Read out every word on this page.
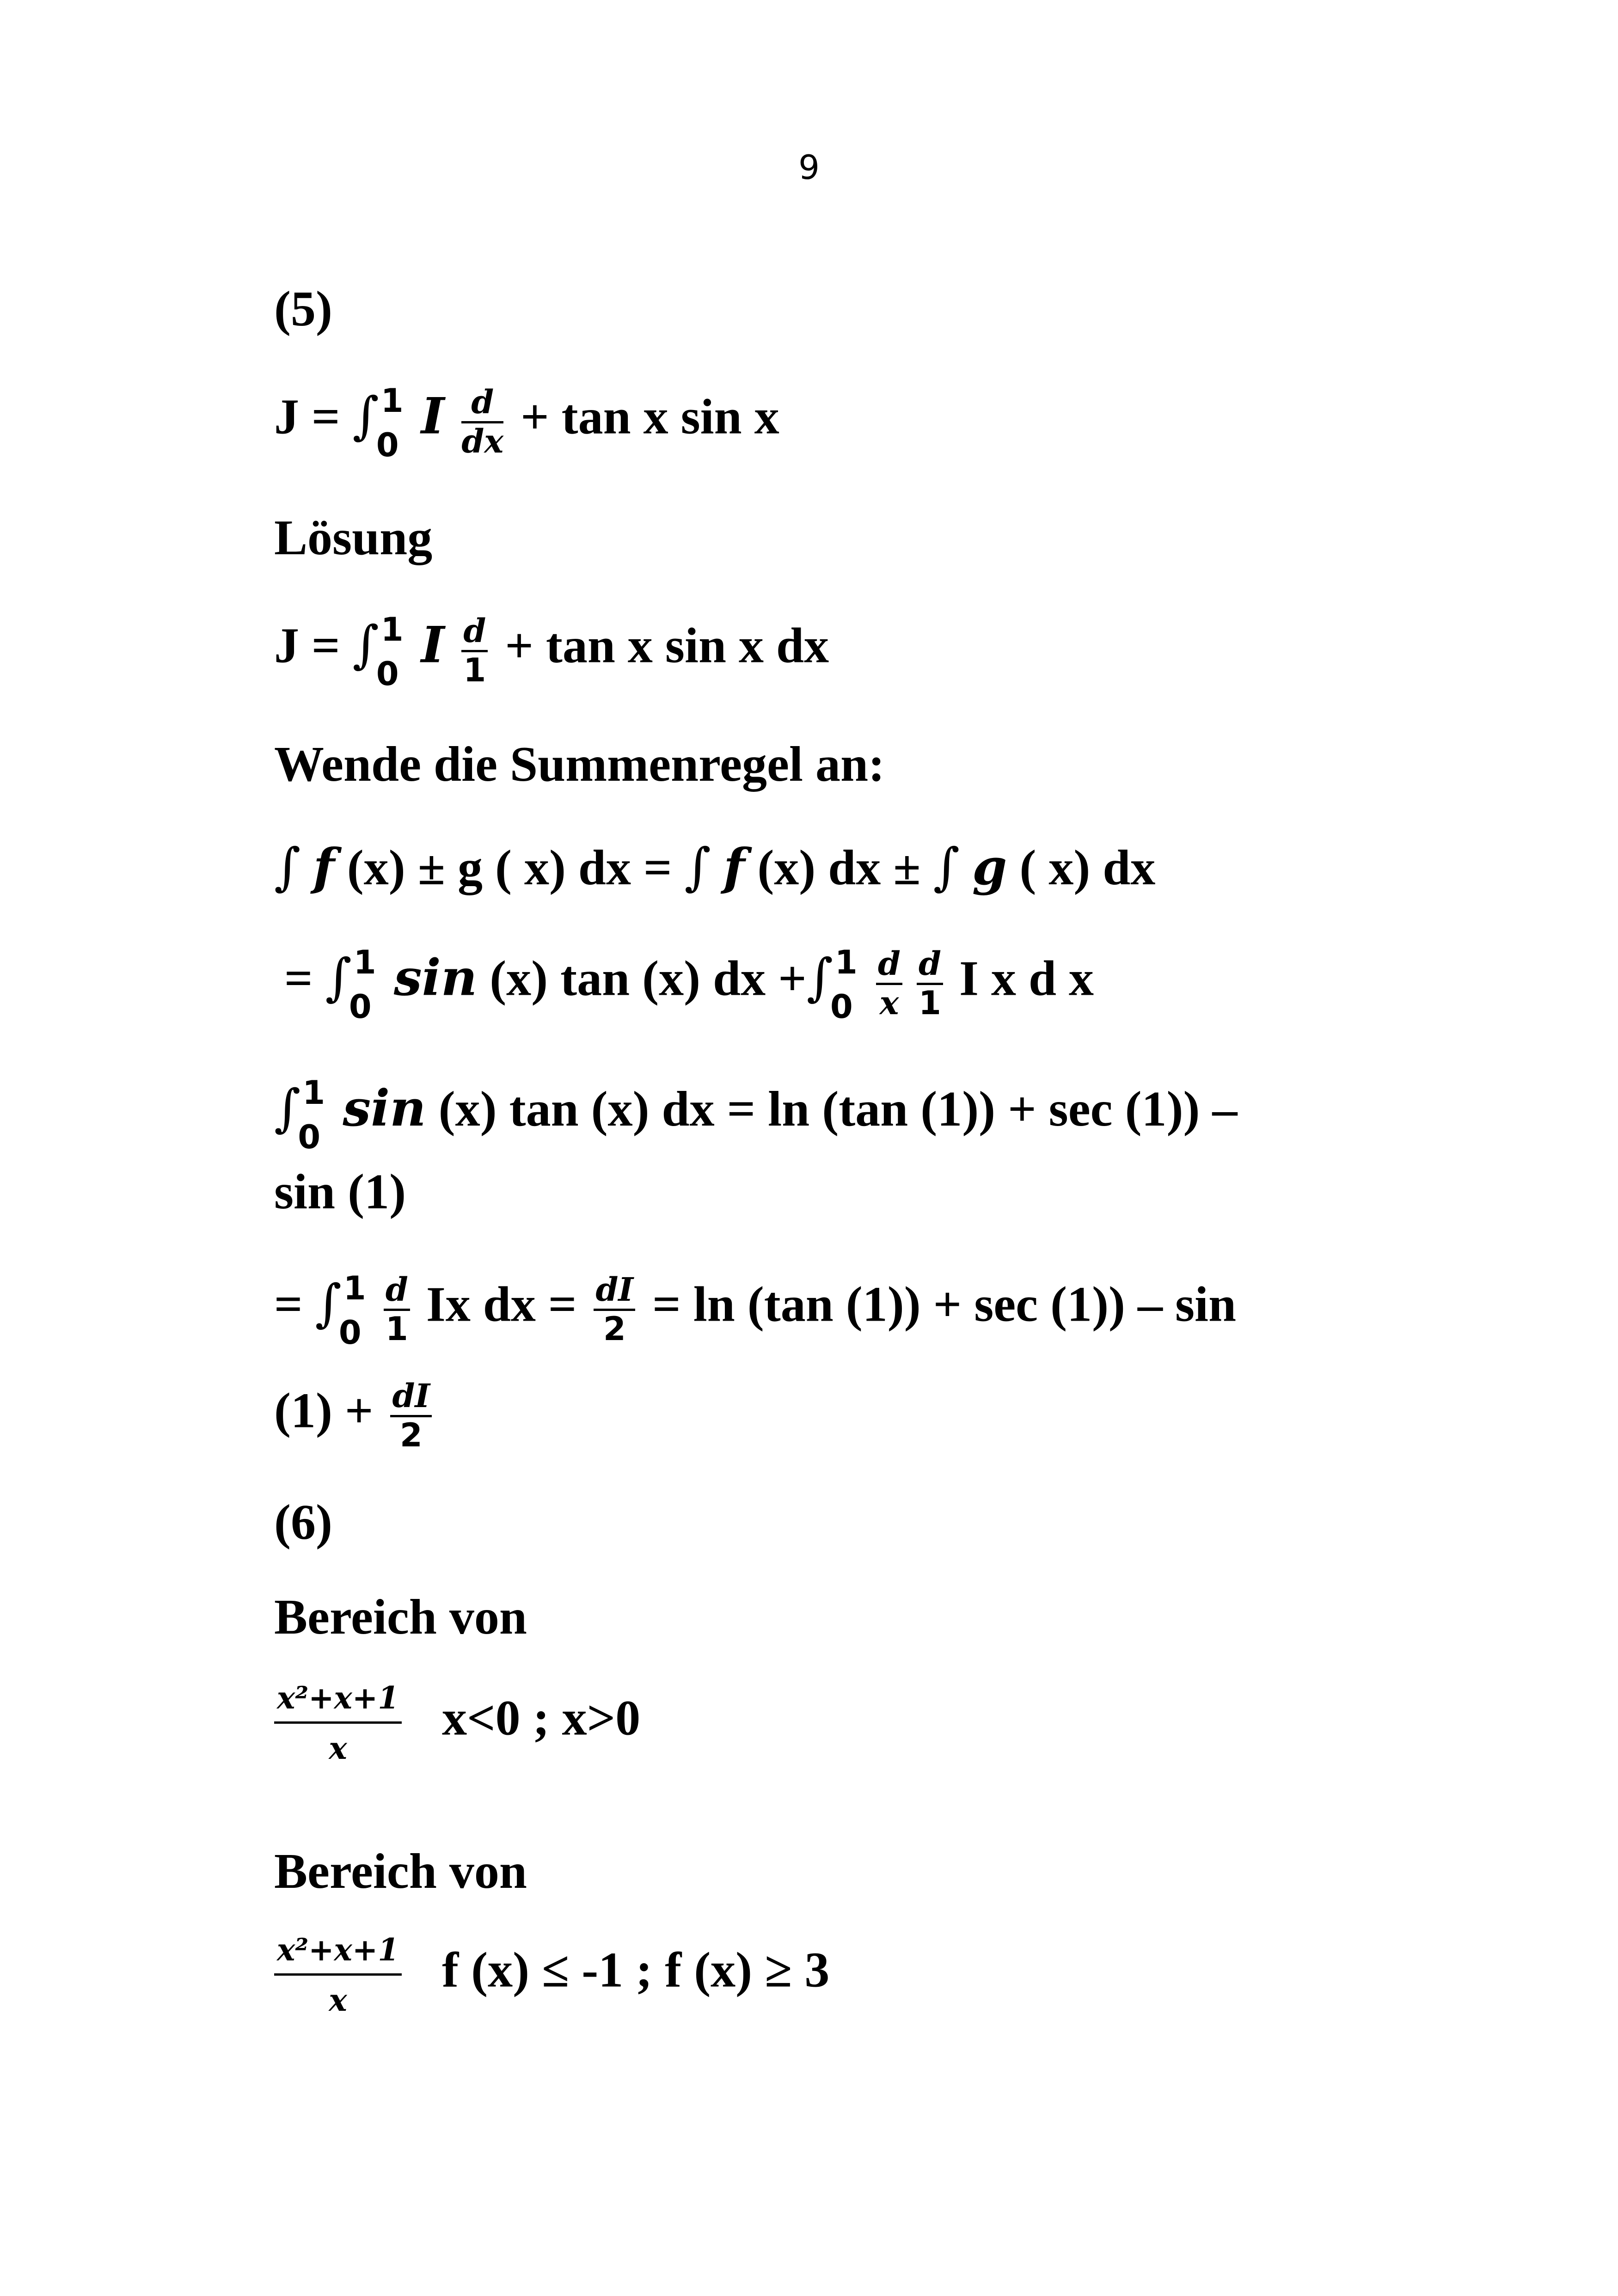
9
(5)
J = ∫ 1
0 I $\frac{d}{dx} + \tan x$ sin x
Lösung
J = ∫ 1
0 I $\frac{d}{1} + \tan x$ sin x dx
Wende die Summenregel an:
∫ f (x) ± g ( x) dx = ∫ f (x) dx ± ∫ g ( x) dx
= ∫ 1
0 sin (x) tan (x) dx +∫ 1
0
$\frac{d}{x}$
$\frac{d}{1}$ I x d x
∫ 1
0 sin (x) tan (x) dx = ln (tan (1)) + sec (1)) –
sin (1)
= ∫ 1
0
$\frac{d}{1}$ Ix dx = $\frac{dI}{2} = \ln (\tan$ (1)) + sec (1)) – sin
$(1) + \frac{dI}{2}$
(6)
Bereich von
$\frac{\text{x²+x+1}}{x} x<0$ ; x>0
Bereich von
$\frac{\text{x²+x+1}}{x}$ f (x) ≤ -1 ; f (x) ≥ 3
